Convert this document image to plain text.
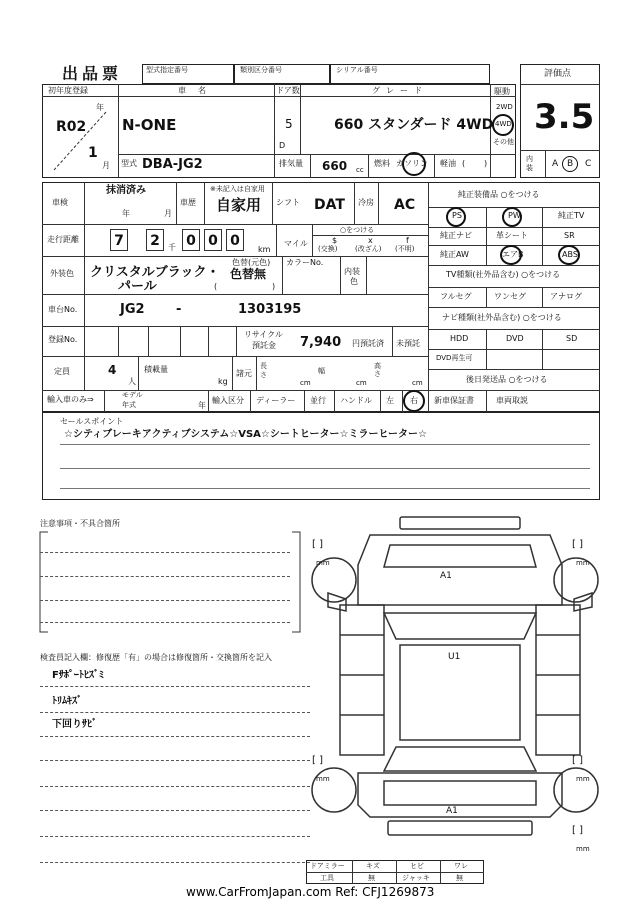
出品票	型式指定番号	類別区分番号	シリアル番号	評価点
3.5
内装	A B C
初年度登録
年
R02
1
月
車名
N-ONE
ドア数
5
D
グレード
660 スタンダード 4WD
駆動
2WD
4WD
その他
型式 DBA-JG2	排気量 660 cc
燃料 ガソリン 軽油 ( )
車検
抹消済み
年	月
車歴
※未記入は自家用
自家用 シフト DAT 冷房 AC
走行距離	7 2	千 0 0 0
km
マイル
○をつける
$
(交換)
x
(改ざん)
f
(不明)
外装色 クリスタルブラック・
パール
色替(元色)
色替無
(	)
カラーNo.
内装
色
車台No.	JG2 -	1303195
登録No.
リサイクル
預託金 7,940 円預託済 未預託
定員	4
人
積載量
kg
諸元
長さ
cm
幅
cm
高さ
cm
輸入車のみ⇒	モデル
年式	年
輸入区分 ディーラー 並行 ハンドル 左 右
純正装備品 ○をつける
PS	PW	純正TV
純正ナビ	革シート	SR
純正AW	エアB	ABS
TV種類(社外品含む) ○をつける
フルセグ	ワンセグ	アナログ
ナビ種類(社外品含む) ○をつける
HDD	DVD	SD
DVD再生可
後日発送品 ○をつける
新車保証書	車両取説
セールスポイント
☆シティブレーキアクティブシステム☆VSA☆シートヒーター☆ミラーヒーター☆
注意事項・不具合箇所
検査員記入欄：修復歴「有」の場合は修復箇所・交換箇所を記入
Fｻﾎﾟｰﾄﾋｽﾞﾐ
ﾄﾘﾑｷｽﾞ
下回りｻﾋﾞ
A1
U1
A1
[ ]
mm
[ ]
mm
[ ]
mm
[ ]
mm
[ ]
mm
ドアミラー	キズ	ヒビ	ワレ
工具	無	ジャッキ	無
www.CarFromJapan.com Ref: CFJ1269873
